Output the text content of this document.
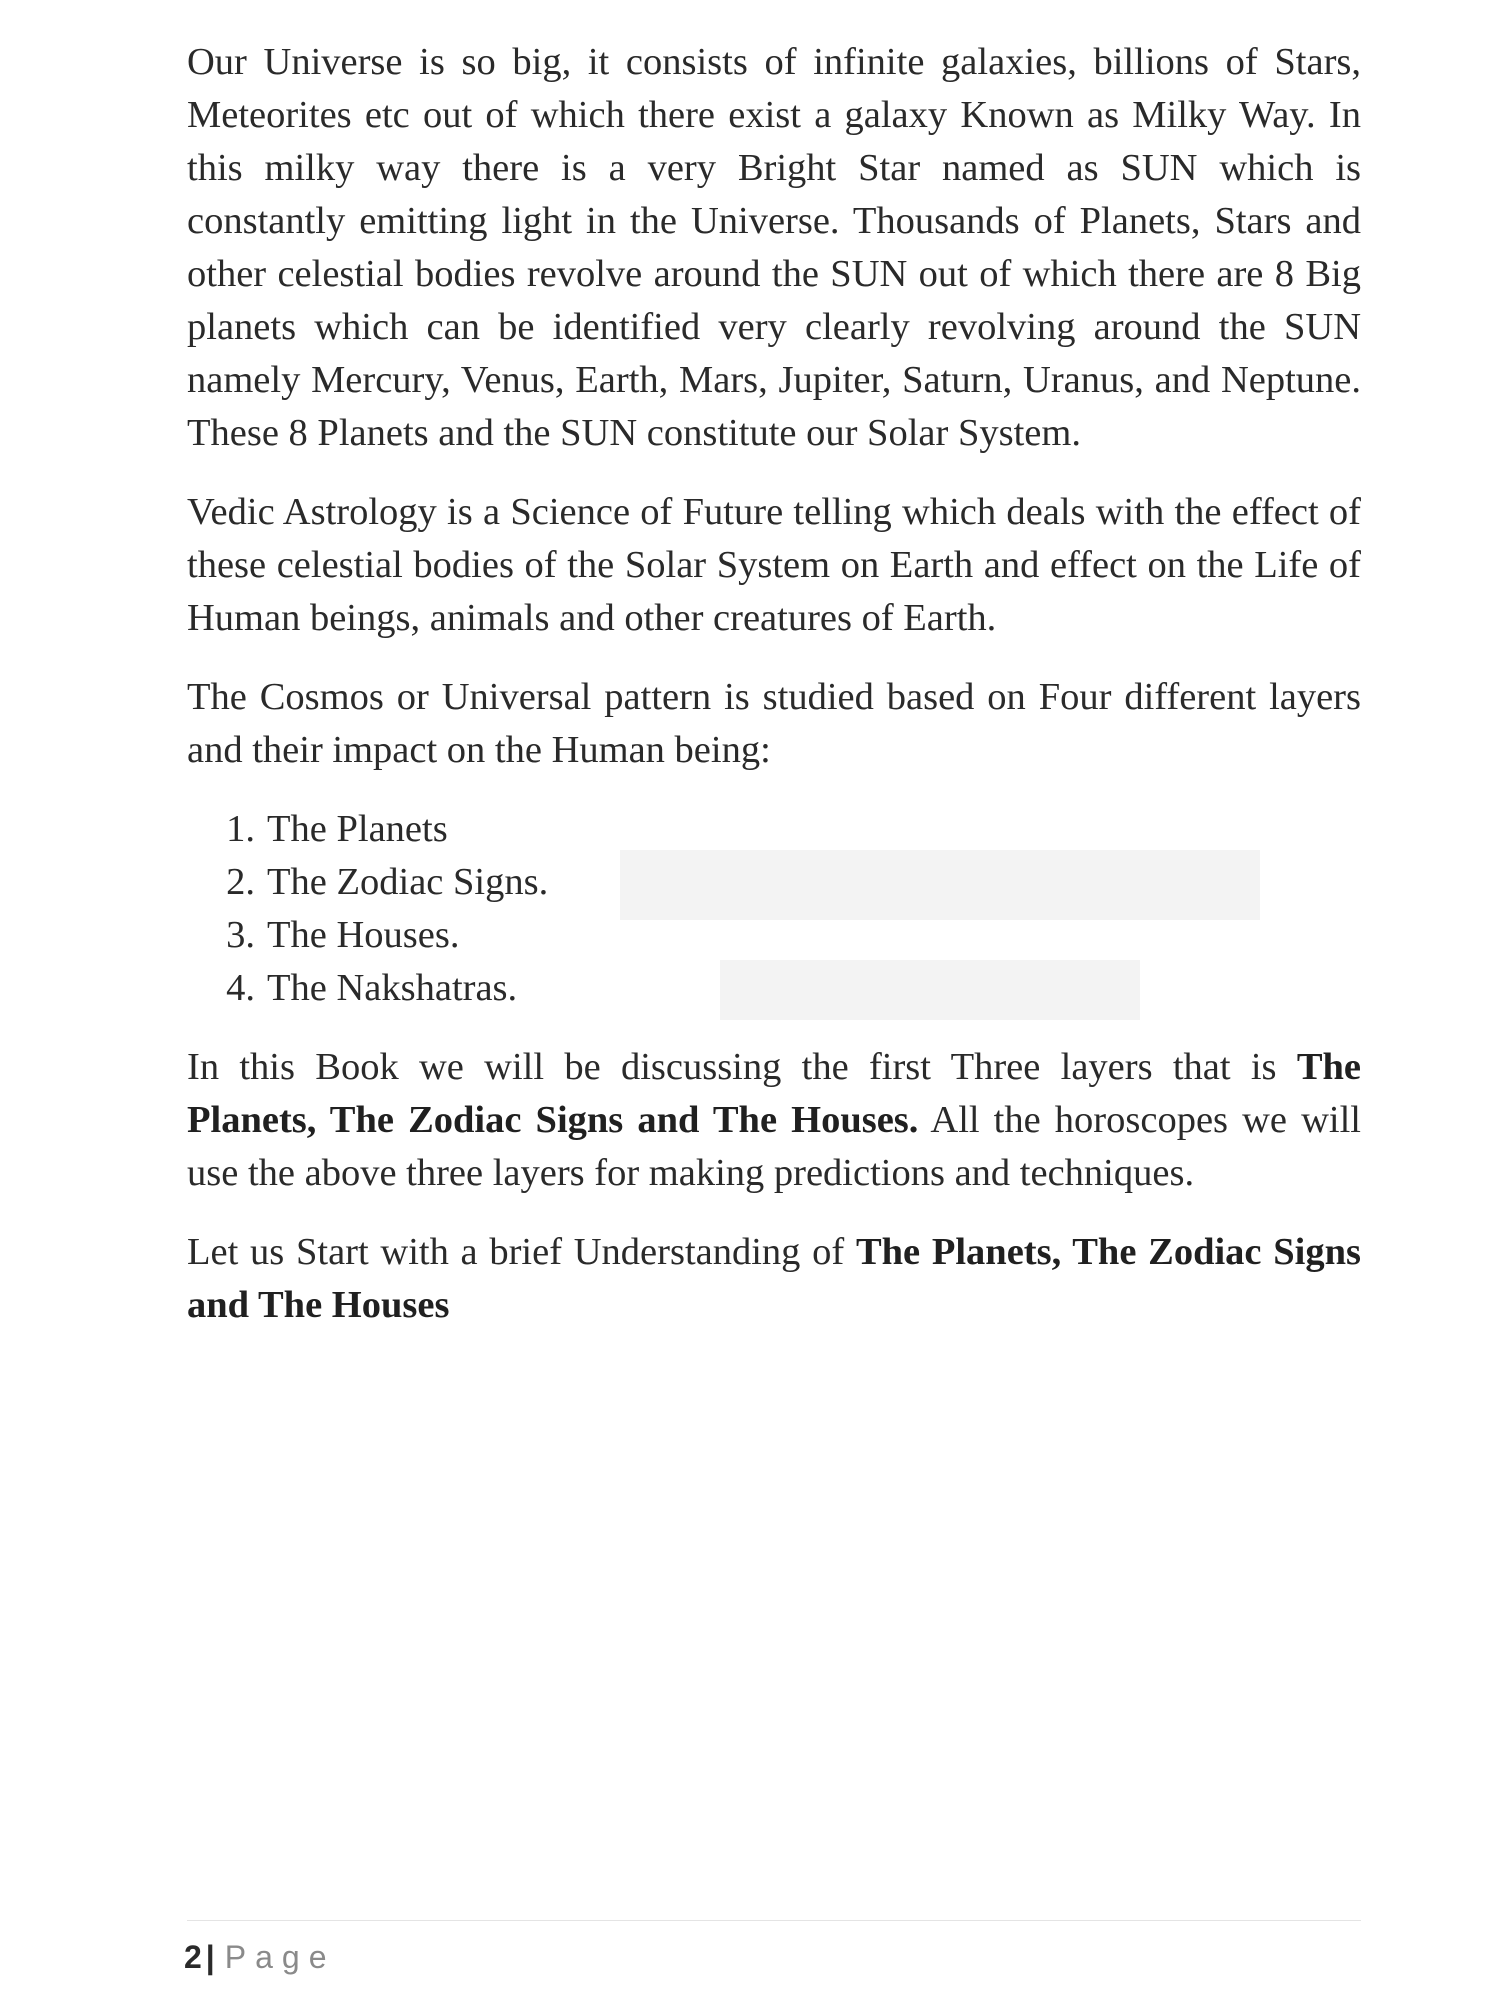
Our Universe is so big, it consists of infinite galaxies, billions of Stars, Meteorites etc out of which there exist a galaxy Known as Milky Way. In this milky way there is a very Bright Star named as SUN which is constantly emitting light in the Universe. Thousands of Planets, Stars and other celestial bodies revolve around the SUN out of which there are 8 Big planets which can be identified very clearly revolving around the SUN namely Mercury, Venus, Earth, Mars, Jupiter, Saturn, Uranus, and Neptune. These 8 Planets and the SUN constitute our Solar System.

Vedic Astrology is a Science of Future telling which deals with the effect of these celestial bodies of the Solar System on Earth and effect on the Life of Human beings, animals and other creatures of Earth.

The Cosmos or Universal pattern is studied based on Four different layers and their impact on the Human being:

1. The Planets
2. The Zodiac Signs.
3. The Houses.
4. The Nakshatras.

In this Book we will be discussing the first Three layers that is The Planets, The Zodiac Signs and The Houses. All the horoscopes we will use the above three layers for making predictions and techniques.

Let us Start with a brief Understanding of The Planets, The Zodiac Signs and The Houses

2 | Page
